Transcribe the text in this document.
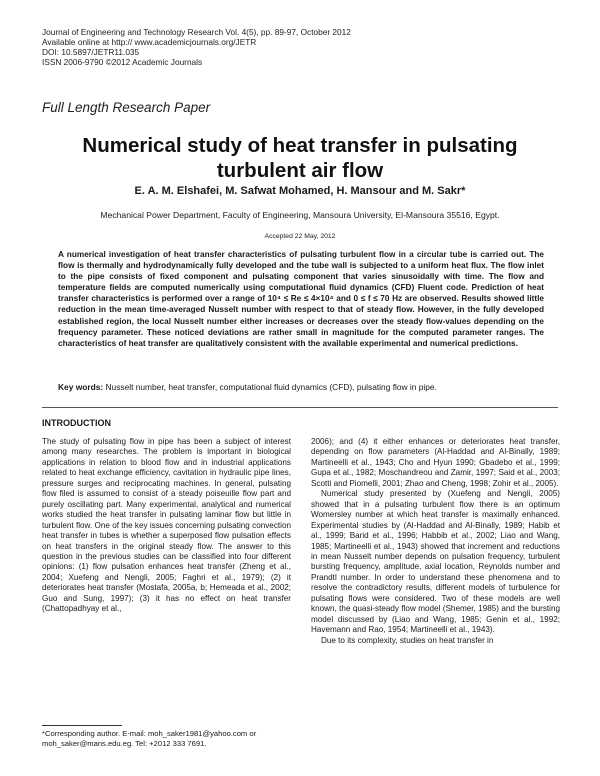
Journal of Engineering and Technology Research Vol. 4(5), pp. 89-97, October 2012
Available online at http:// www.academicjournals.org/JETR
DOI: 10.5897/JETR11.035
ISSN 2006-9790 ©2012 Academic Journals
Full Length Research Paper
Numerical study of heat transfer in pulsating turbulent air flow
E. A. M. Elshafei, M. Safwat Mohamed, H. Mansour and M. Sakr*
Mechanical Power Department, Faculty of Engineering, Mansoura University, El-Mansoura 35516, Egypt.
Accepted 22 May, 2012
A numerical investigation of heat transfer characteristics of pulsating turbulent flow in a circular tube is carried out. The flow is thermally and hydrodynamically fully developed and the tube wall is subjected to a uniform heat flux. The flow inlet to the pipe consists of fixed component and pulsating component that varies sinusoidally with time. The flow and temperature fields are computed numerically using computational fluid dynamics (CFD) Fluent code. Prediction of heat transfer characteristics is performed over a range of 10⁴ ≤ Re ≤ 4×10⁴ and 0 ≤ f ≤ 70 Hz are observed. Results showed little reduction in the mean time-averaged Nusselt number with respect to that of steady flow. However, in the fully developed established region, the local Nusselt number either increases or decreases over the steady flow-values depending on the frequency parameter. These noticed deviations are rather small in magnitude for the computed parameter ranges. The characteristics of heat transfer are qualitatively consistent with the available experimental and numerical predictions.
Key words: Nusselt number, heat transfer, computational fluid dynamics (CFD), pulsating flow in pipe.
INTRODUCTION

The study of pulsating flow in pipe has been a subject of interest among many researches. The problem is important in biological applications in relation to blood flow and in industrial applications related to heat exchange efficiency, cavitation in hydraulic pipe lines, pressure surges and reciprocating machines. In general, pulsating flow filed is assumed to consist of a steady poiseuille flow part and purely oscillating part. Many experimental, analytical and numerical works studied the heat transfer in pulsating laminar flow but little in turbulent flow. One of the key issues concerning pulsating convection heat transfer in tubes is whether a superposed flow pulsation effects on heat transfers in the original steady flow. The answer to this question in the previous studies can be classified into four different opinions: (1) flow pulsation enhances heat transfer (Zheng et al., 2004; Xuefeng and Nengli, 2005; Faghri et al., 1979); (2) it deteriorates heat transfer (Mostafa, 2005a, b; Hemeada et al., 2002; Guo and Sung, 1997); (3) it has no effect on heat transfer (Chattopadhyay et al.,

2006); and (4) it either enhances or deteriorates heat transfer, depending on flow parameters (Al-Haddad and Al-Binally, 1989; Martineelli et al., 1943; Cho and Hyun 1990; Gbadebo et al., 1999; Gupa et al., 1982; Moschandreou and Zamir, 1997; Said et al., 2003; Scotti and Piomelli, 2001; Zhao and Cheng, 1998; Zohir et al., 2005).

Numerical study presented by (Xuefeng and Nengli, 2005) showed that in a pulsating turbulent flow there is an optimum Womersley number at which heat transfer is maximally enhanced. Experimental studies by (Al-Haddad and Al-Binally, 1989; Habib et al., 1999; Barid et al., 1996; Habbib et al., 2002; Liao and Wang, 1985; Martineelli et al., 1943) showed that increment and reductions in mean Nusselt number depends on pulsation frequency, turbulent bursting frequency, amplitude, axial location, Reynolds number and Prandtl number. In order to understand these phenomena and to resolve the contradictory results, different models of turbulence for pulsating flows were considered. Two of these models are well known, the quasi-steady flow model (Shemer, 1985) and the bursting model discussed by (Liao and Wang, 1985; Genin et al., 1992; Havemann and Rao, 1954; Martineelli et al., 1943).

Due to its complexity, studies on heat transfer in

*Corresponding author. E-mail: moh_saker1981@yahoo.com or moh_saker@mans.edu.eg. Tel: +2012 333 7691.
